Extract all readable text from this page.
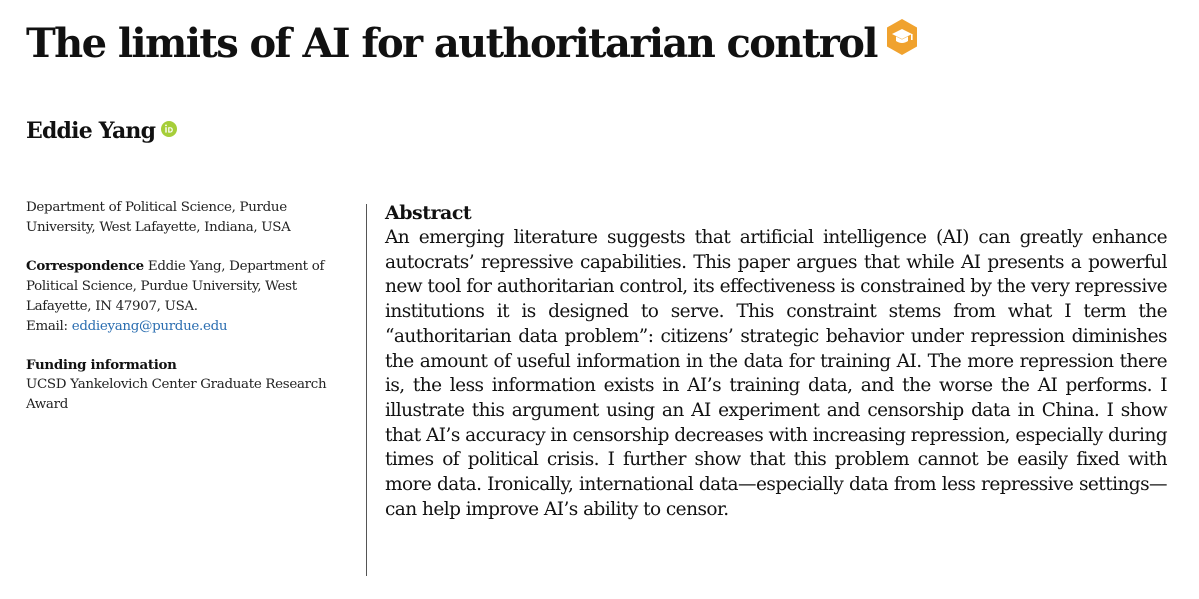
The limits of AI for authoritarian control
Eddie Yang
Department of Political Science, Purdue University, West Lafayette, Indiana, USA
Correspondence Eddie Yang, Department of Political Science, Purdue University, West Lafayette, IN 47907, USA.
Email: eddieyang@purdue.edu
Funding information
UCSD Yankelovich Center Graduate Research Award
Abstract
An emerging literature suggests that artificial intelligence (AI) can greatly enhance autocrats’ repressive capabilities. This paper argues that while AI presents a powerful new tool for authoritarian control, its effectiveness is constrained by the very repressive institutions it is designed to serve. This constraint stems from what I term the “authoritarian data problem”: citizens’ strategic behavior under repression diminishes the amount of useful information in the data for training AI. The more repression there is, the less information exists in AI’s training data, and the worse the AI performs. I illustrate this argument using an AI experiment and censorship data in China. I show that AI’s accuracy in censorship decreases with increasing repression, especially during times of political crisis. I further show that this problem cannot be easily fixed with more data. Ironically, international data—especially data from less repressive settings—can help improve AI’s ability to censor.
